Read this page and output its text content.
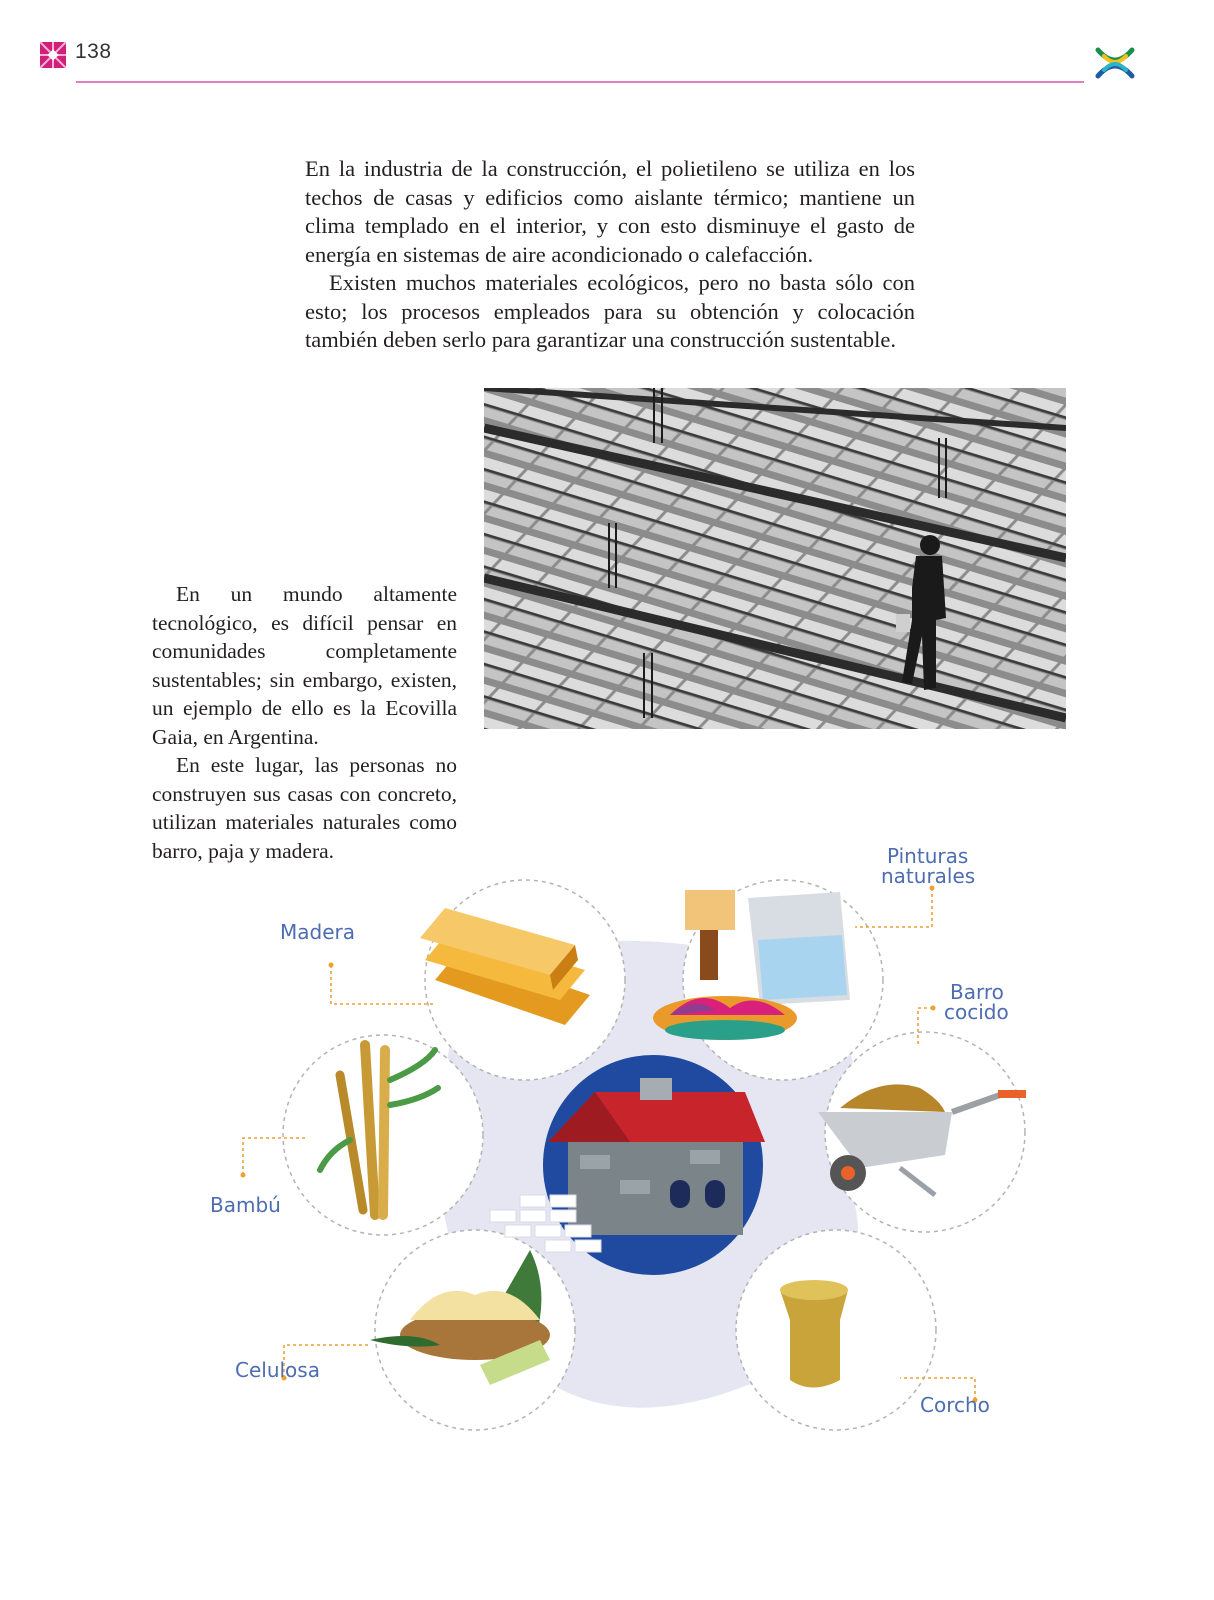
138

En la industria de la construcción, el polietileno se utiliza en los techos de casas y edificios como aislante térmico; mantiene un clima templado en el interior, y con esto disminuye el gasto de energía en sistemas de aire acondicionado o calefacción.

Existen muchos materiales ecológicos, pero no basta sólo con esto; los procesos empleados para su obtención y colocación también deben serlo para garantizar una construcción sustentable.

En un mundo altamente tecnológico, es difícil pensar en comunidades completamente sustentables; sin embargo, existen, un ejemplo de ello es la Ecovilla Gaia, en Argentina.

En este lugar, las personas no construyen sus casas con concreto, utilizan materiales naturales como barro, paja y madera.

Madera
Pinturas
naturales
Barro
cocido
Bambú
Celulosa
Corcho
